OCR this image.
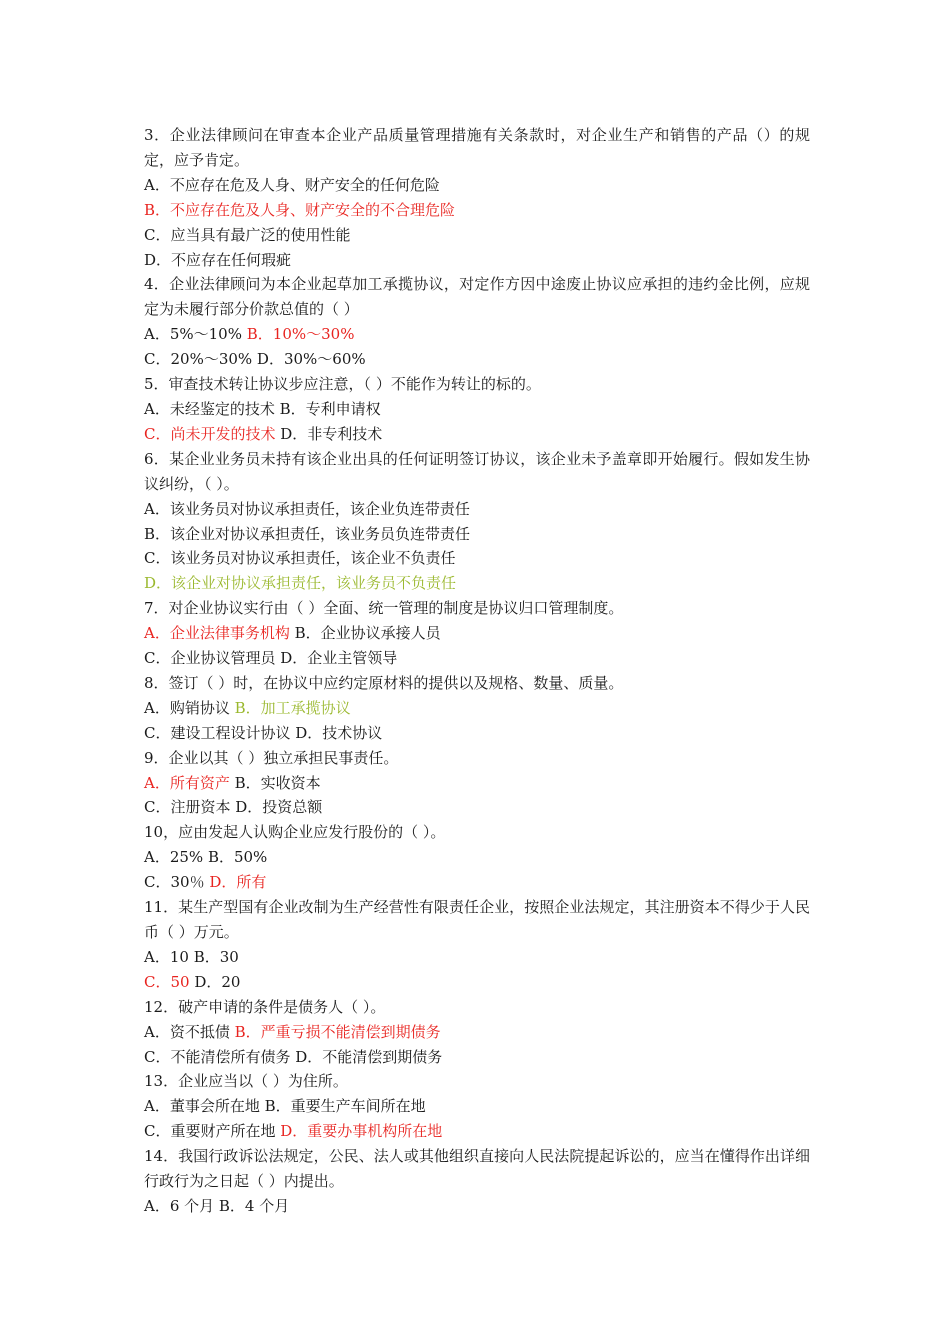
3．企业法律顾问在审查本企业产品质量管理措施有关条款时，对企业生产和销售的产品（）的规定，应予肯定。
A．不应存在危及人身、财产安全的任何危险
B．不应存在危及人身、财产安全的不合理危险
C．应当具有最广泛的使用性能
D．不应存在任何瑕疵
4．企业法律顾问为本企业起草加工承揽协议，对定作方因中途废止协议应承担的违约金比例，应规定为未履行部分价款总值的（ ）
A．5%～10% B．10%～30%
C．20%～30% D．30%～60%
5．审查技术转让协议步应注意，（ ）不能作为转让的标的。
A．未经鉴定的技术 B．专利申请权
C．尚未开发的技术 D．非专利技术
6．某企业业务员未持有该企业出具的任何证明签订协议，该企业未予盖章即开始履行。假如发生协议纠纷，（ ）。
A．该业务员对协议承担责任，该企业负连带责任
B．该企业对协议承担责任，该业务员负连带责任
C．该业务员对协议承担责任，该企业不负责任
D．该企业对协议承担责任，该业务员不负责任
7．对企业协议实行由（ ）全面、统一管理的制度是协议归口管理制度。
A．企业法律事务机构 B．企业协议承接人员
C．企业协议管理员 D．企业主管领导
8．签订（ ）时，在协议中应约定原材料的提供以及规格、数量、质量。
A．购销协议 B．加工承揽协议
C．建设工程设计协议 D．技术协议
9．企业以其（ ）独立承担民事责任。
A．所有资产 B．实收资本
C．注册资本 D．投资总额
10，应由发起人认购企业应发行股份的（ ）。
A．25% B．50%
C．30％ D．所有
11．某生产型国有企业改制为生产经营性有限责任企业，按照企业法规定，其注册资本不得少于人民币（ ）万元。
A．10 B．30
C．50 D．20
12．破产申请的条件是债务人（ ）。
A．资不抵债 B．严重亏损不能清偿到期债务
C．不能清偿所有债务 D．不能清偿到期债务
13．企业应当以（ ）为住所。
A．董事会所在地 B．重要生产车间所在地
C．重要财产所在地 D．重要办事机构所在地
14．我国行政诉讼法规定，公民、法人或其他组织直接向人民法院提起诉讼的，应当在懂得作出详细行政行为之日起（ ）内提出。
A．6 个月 B．4 个月
